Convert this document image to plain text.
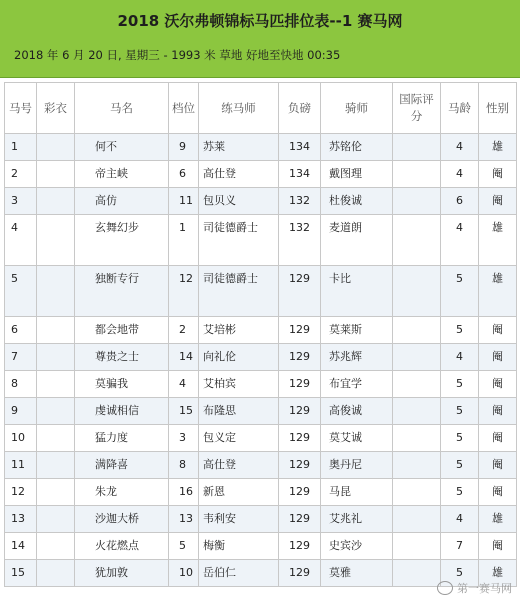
2018 沃尔弗顿锦标马匹排位表--1 赛马网
2018 年 6 月 20 日, 星期三 - 1993 米 草地 好地至快地 00:35
马号	彩衣	马名	档位	练马师	负磅	骑师	国际评分	马龄	性别
1		何不	9	苏莱	134	苏铭伦		4	雄
2		帝主峡	6	高仕登	134	戴图理		4	阉
3		高仿	11	包贝义	132	杜俊诚		6	阉
4		玄舞幻步	1	司徒德爵士	132	麦道朗		4	雄
5		独断专行	12	司徒德爵士	129	卡比		5	雄
6		都会地带	2	艾培彬	129	莫莱斯		5	阉
7		尊贵之士	14	向礼伦	129	苏兆辉		4	阉
8		莫骗我	4	艾柏宾	129	布宜学		5	阉
9		虔诚相信	15	布隆思	129	高俊诚		5	阉
10		猛力度	3	包义定	129	莫艾诚		5	阉
11		满降喜	8	高仕登	129	奥丹尼		5	阉
12		朱龙	16	新恩	129	马昆		5	阉
13		沙迦大桥	13	韦利安	129	艾兆礼		4	雄
14		火花燃点	5	梅衡	129	史宾沙		7	阉
15		犹加敦	10	岳伯仁	129	莫雅		5	雄
第一赛马网
